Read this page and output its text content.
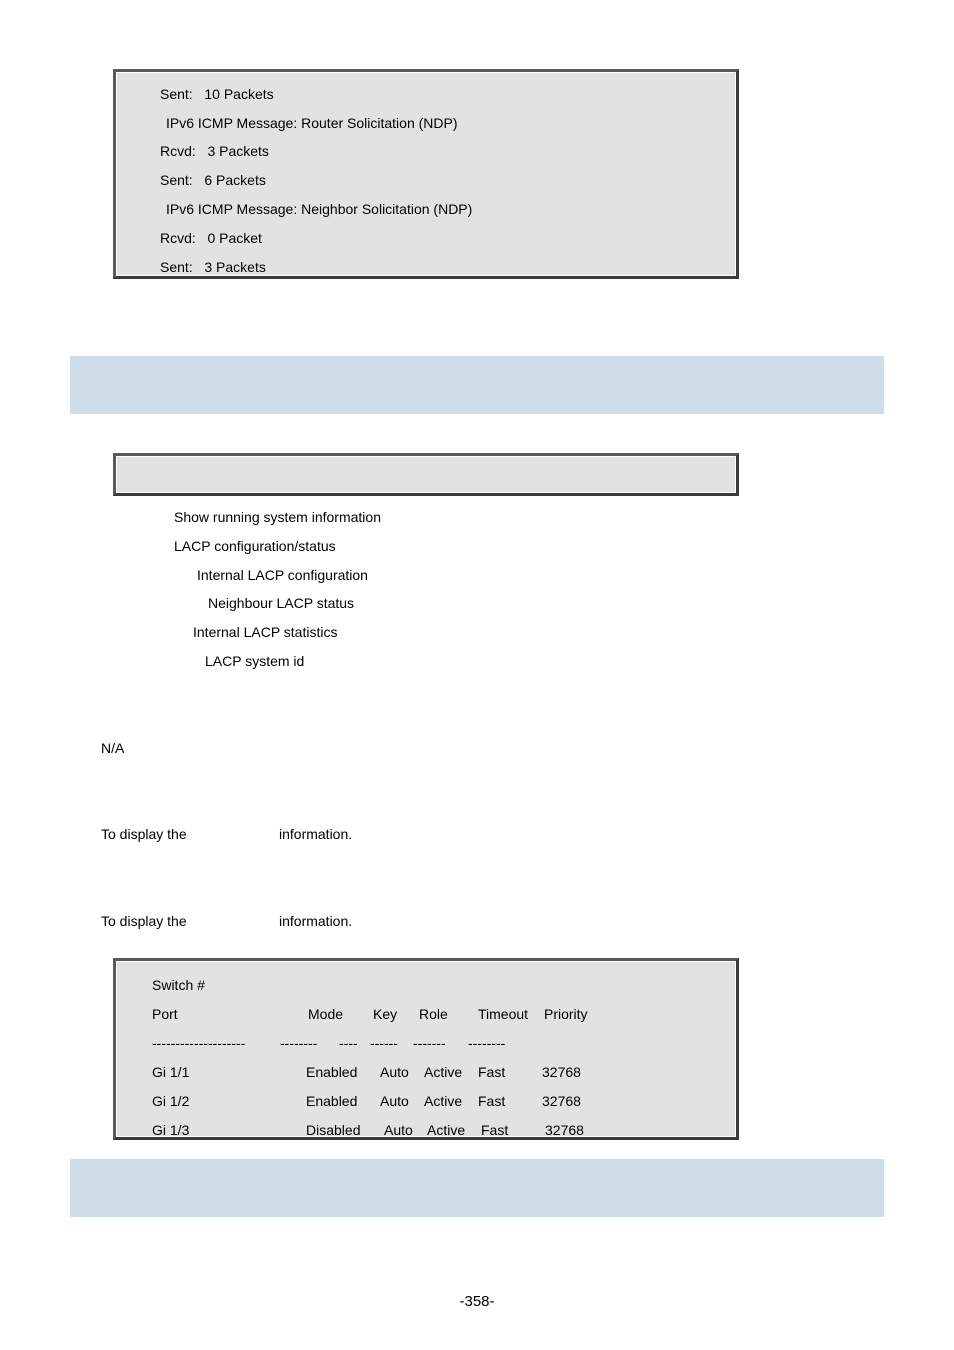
Sent:   10 Packets
IPv6 ICMP Message: Router Solicitation (NDP)
Rcvd:   3 Packets
Sent:   6 Packets
IPv6 ICMP Message: Neighbor Solicitation (NDP)
Rcvd:   0 Packet
Sent:   3 Packets
Show running system information
LACP configuration/status
Internal LACP configuration
Neighbour LACP status
Internal LACP statistics
LACP system id
N/A
To display the	information.
To display the	information.
Switch #
Port	Mode Key Role Timeout Priority
-------------------- -------- ---- ------ ------- --------
Gi 1/1	Enabled Auto Active Fast	32768
Gi 1/2	Enabled Auto Active Fast	32768
Gi 1/3	Disabled Auto Active Fast	32768
-358-
